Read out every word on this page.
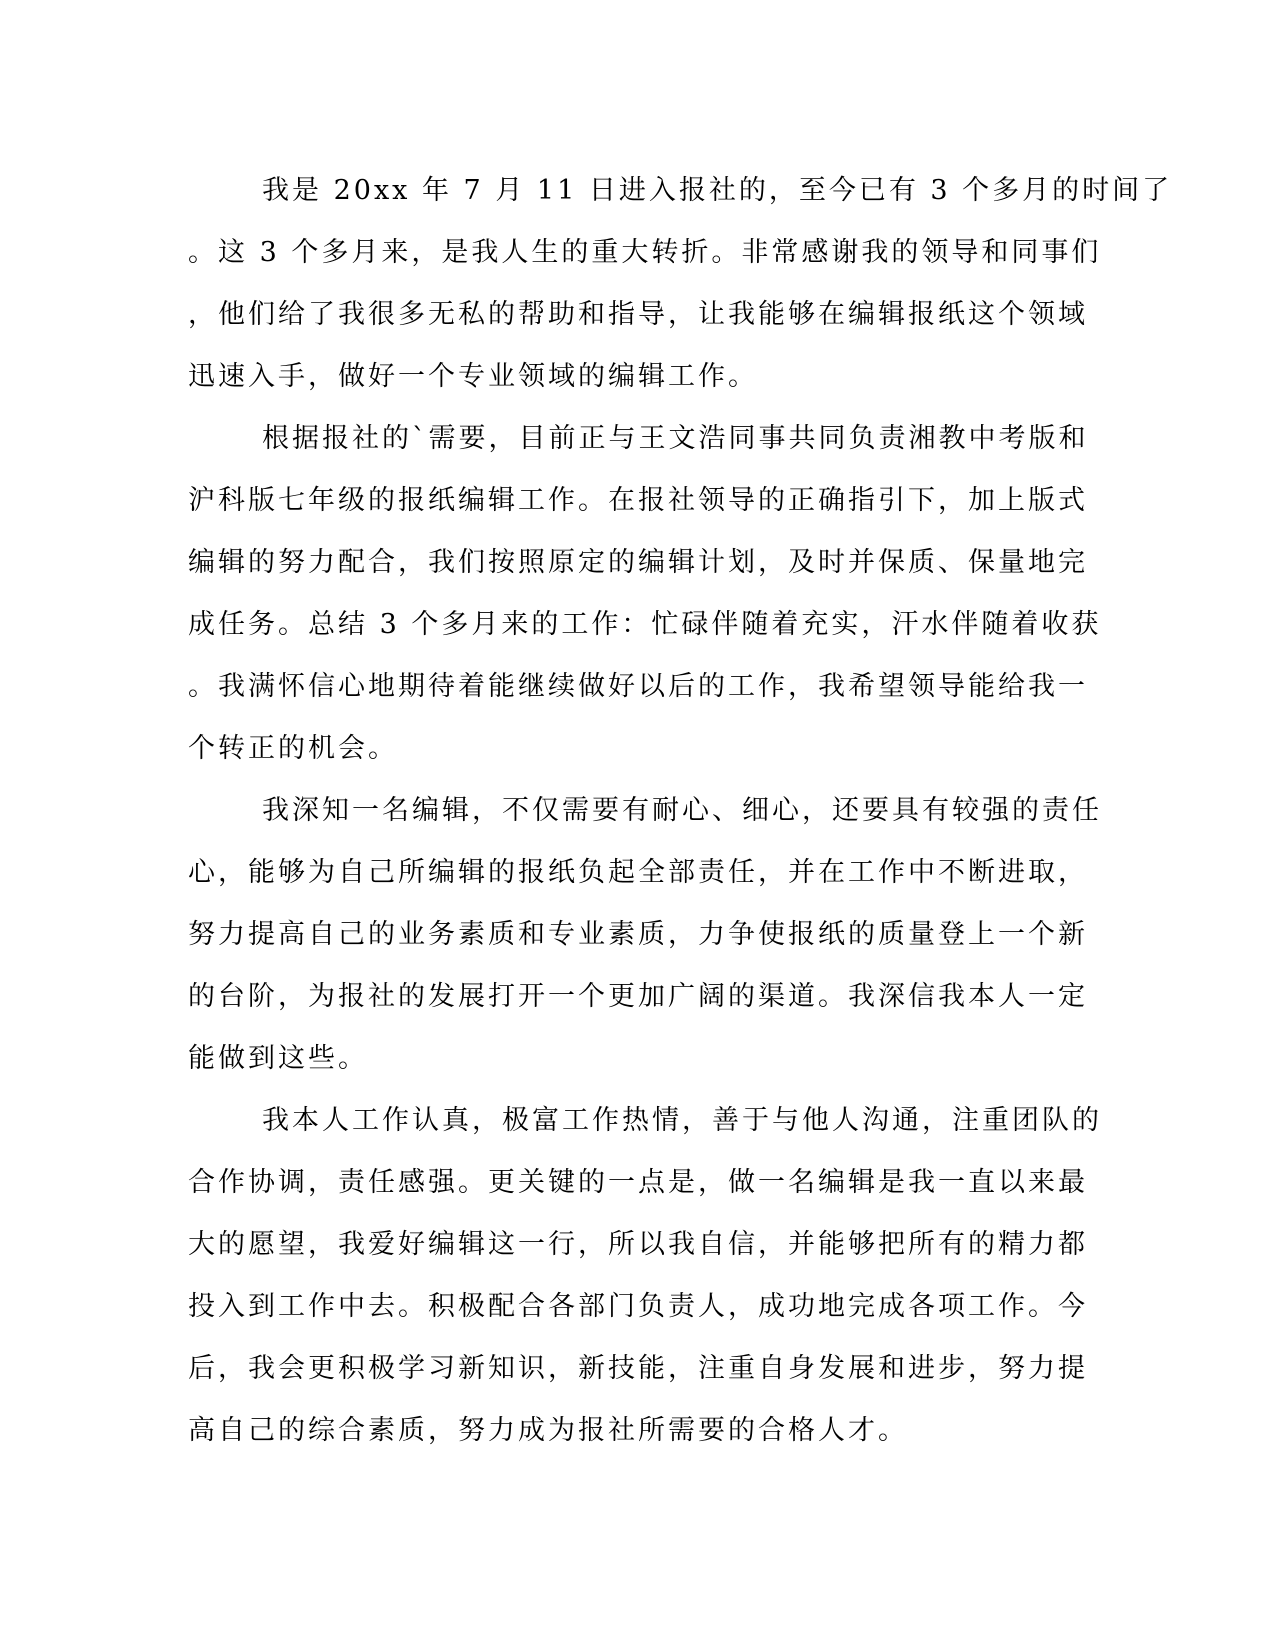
我是 20xx 年 7 月 11 日进入报社的，至今已有 3 个多月的时间了
。这 3 个多月来，是我人生的重大转折。非常感谢我的领导和同事们
，他们给了我很多无私的帮助和指导，让我能够在编辑报纸这个领域
迅速入手，做好一个专业领域的编辑工作。
根据报社的`需要，目前正与王文浩同事共同负责湘教中考版和
沪科版七年级的报纸编辑工作。在报社领导的正确指引下，加上版式
编辑的努力配合，我们按照原定的编辑计划，及时并保质、保量地完
成任务。总结 3 个多月来的工作：忙碌伴随着充实，汗水伴随着收获
。我满怀信心地期待着能继续做好以后的工作，我希望领导能给我一
个转正的机会。
我深知一名编辑，不仅需要有耐心、细心，还要具有较强的责任
心，能够为自己所编辑的报纸负起全部责任，并在工作中不断进取，
努力提高自己的业务素质和专业素质，力争使报纸的质量登上一个新
的台阶，为报社的发展打开一个更加广阔的渠道。我深信我本人一定
能做到这些。
我本人工作认真，极富工作热情，善于与他人沟通，注重团队的
合作协调，责任感强。更关键的一点是，做一名编辑是我一直以来最
大的愿望，我爱好编辑这一行，所以我自信，并能够把所有的精力都
投入到工作中去。积极配合各部门负责人，成功地完成各项工作。今
后，我会更积极学习新知识，新技能，注重自身发展和进步，努力提
高自己的综合素质，努力成为报社所需要的合格人才。
